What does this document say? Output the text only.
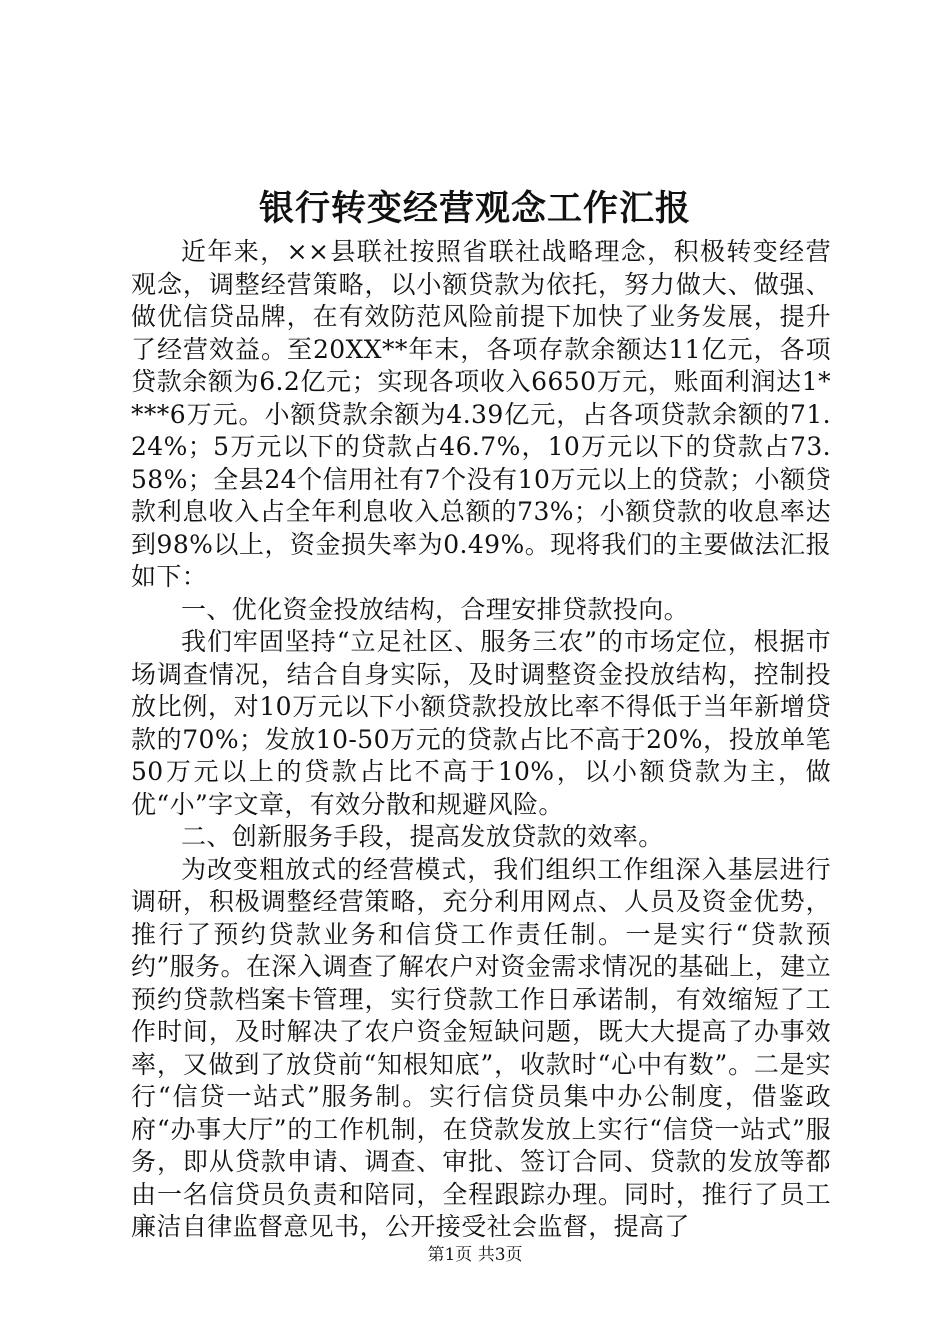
银行转变经营观念工作汇报

近年来，××县联社按照省联社战略理念，积极转变经营观念，调整经营策略，以小额贷款为依托，努力做大、做强、做优信贷品牌，在有效防范风险前提下加快了业务发展，提升了经营效益。至20XX**年末，各项存款余额达11亿元，各项贷款余额为6.2亿元；实现各项收入6650万元，账面利润达1****6万元。小额贷款余额为4.39亿元，占各项贷款余额的71.24%；5万元以下的贷款占46.7%，10万元以下的贷款占73.58%；全县24个信用社有7个没有10万元以上的贷款；小额贷款利息收入占全年利息收入总额的73%；小额贷款的收息率达到98%以上，资金损失率为0.49%。现将我们的主要做法汇报如下：

一、优化资金投放结构，合理安排贷款投向。

我们牢固坚持“立足社区、服务三农”的市场定位，根据市场调查情况，结合自身实际，及时调整资金投放结构，控制投放比例，对10万元以下小额贷款投放比率不得低于当年新增贷款的70%；发放10-50万元的贷款占比不高于20%，投放单笔50万元以上的贷款占比不高于10%，以小额贷款为主，做优“小”字文章，有效分散和规避风险。

二、创新服务手段，提高发放贷款的效率。

为改变粗放式的经营模式，我们组织工作组深入基层进行调研，积极调整经营策略，充分利用网点、人员及资金优势，推行了预约贷款业务和信贷工作责任制。一是实行“贷款预约”服务。在深入调查了解农户对资金需求情况的基础上，建立预约贷款档案卡管理，实行贷款工作日承诺制，有效缩短了工作时间，及时解决了农户资金短缺问题，既大大提高了办事效率，又做到了放贷前“知根知底”，收款时“心中有数”。二是实行“信贷一站式”服务制。实行信贷员集中办公制度，借鉴政府“办事大厅”的工作机制，在贷款发放上实行“信贷一站式”服务，即从贷款申请、调查、审批、签订合同、贷款的发放等都由一名信贷员负责和陪同，全程跟踪办理。同时，推行了员工廉洁自律监督意见书，公开接受社会监督，提高了

第1页 共3页
